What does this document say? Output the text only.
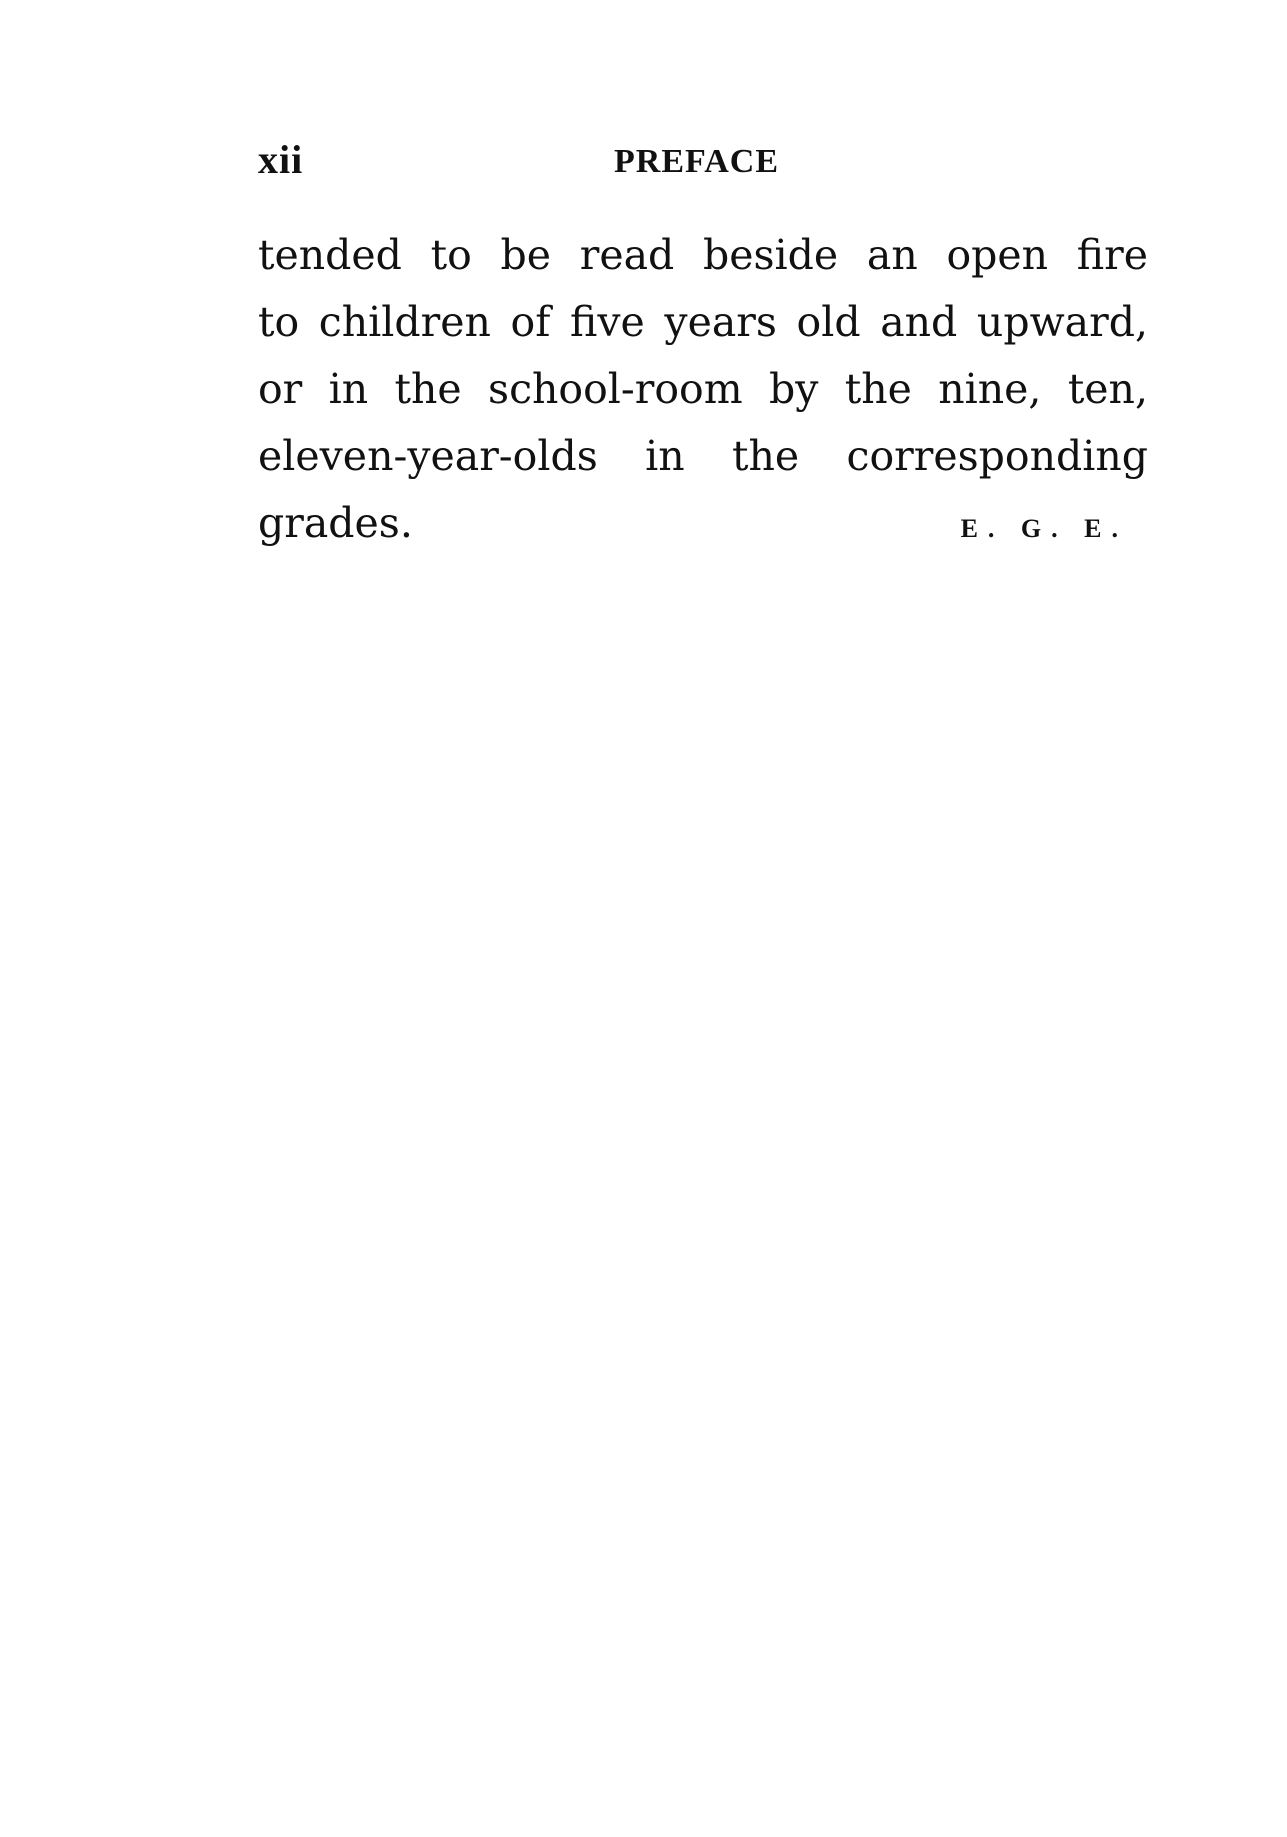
xii	PREFACE
tended to be read beside an open fire
to children of five years old and upward,
or in the school-room by the nine, ten,
eleven-year-olds in the corresponding
grades.	E. G. E.
